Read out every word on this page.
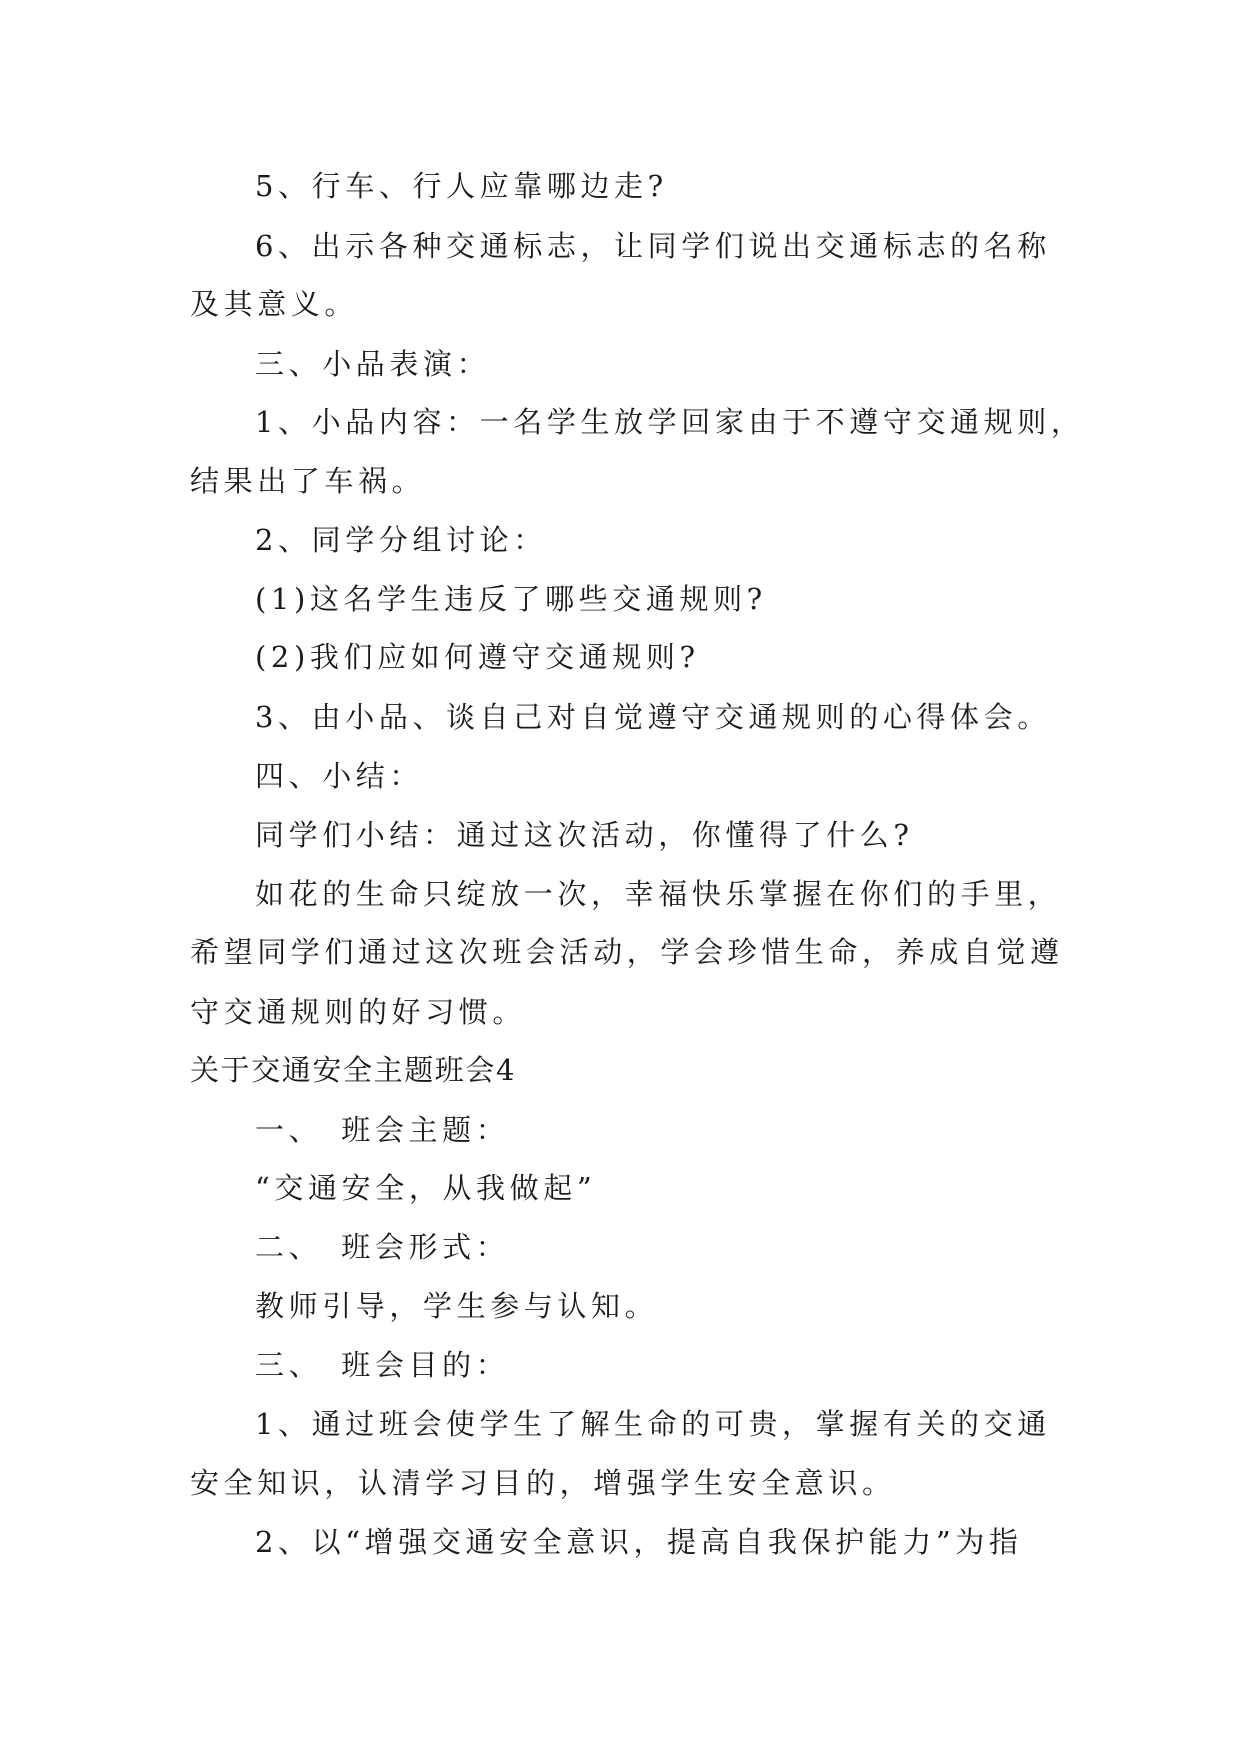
5、行车、行人应靠哪边走?
6、出示各种交通标志，让同学们说出交通标志的名称
及其意义。
三、小品表演：
1、小品内容：一名学生放学回家由于不遵守交通规则，
结果出了车祸。
2、同学分组讨论：
(1)这名学生违反了哪些交通规则?
(2)我们应如何遵守交通规则?
3、由小品、谈自己对自觉遵守交通规则的心得体会。
四、小结：
同学们小结：通过这次活动，你懂得了什么?
如花的生命只绽放一次，幸福快乐掌握在你们的手里，
希望同学们通过这次班会活动，学会珍惜生命，养成自觉遵
守交通规则的好习惯。
关于交通安全主题班会4
一、　班会主题：
“交通安全，从我做起”
二、　班会形式：
教师引导，学生参与认知。
三、　班会目的：
1、通过班会使学生了解生命的可贵，掌握有关的交通
安全知识，认清学习目的，增强学生安全意识。
2、以“增强交通安全意识，提高自我保护能力”为指
